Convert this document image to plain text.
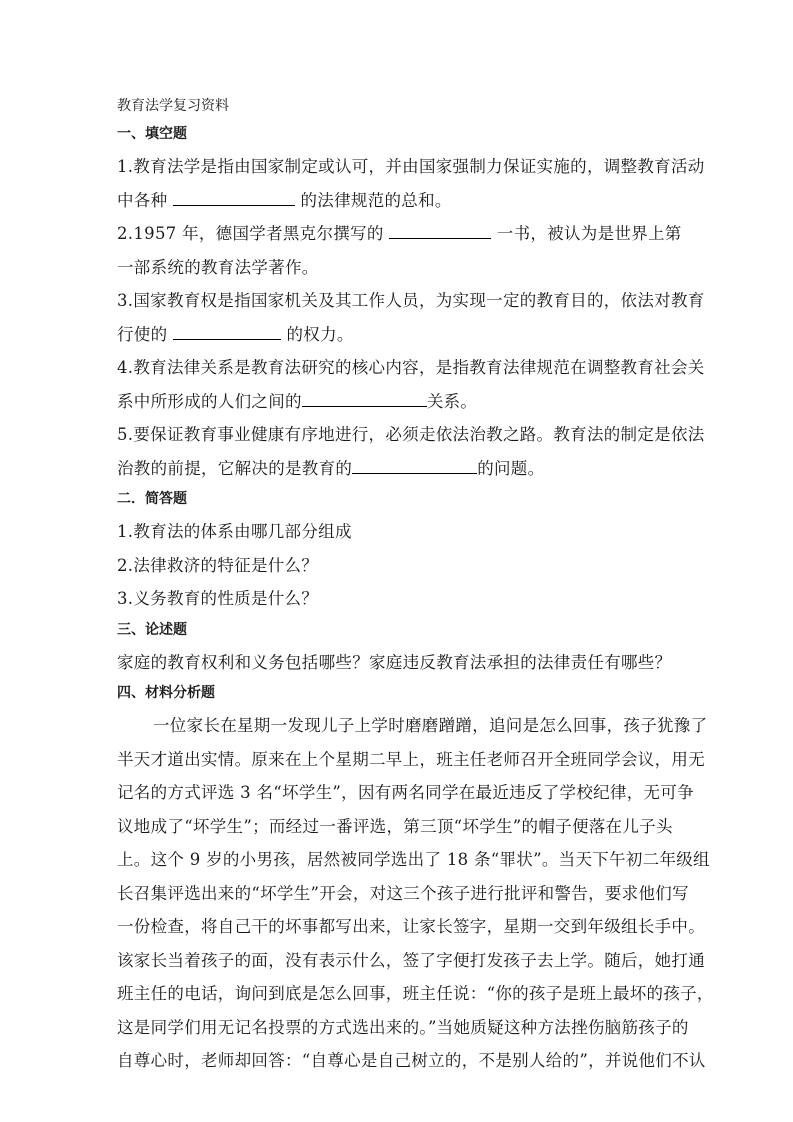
教育法学复习资料
一、填空题
1.教育法学是指由国家制定或认可，并由国家强制力保证实施的，调整教育活动
中各种	的法律规范的总和。
2.1957 年，德国学者黑克尔撰写的	一书，被认为是世界上第
一部系统的教育法学著作。
3.国家教育权是指国家机关及其工作人员，为实现一定的教育目的，依法对教育
行使的	的权力。
4.教育法律关系是教育法研究的核心内容，是指教育法律规范在调整教育社会关
系中所形成的人们之间的	关系。
5.要保证教育事业健康有序地进行，必须走依法治教之路。教育法的制定是依法
治教的前提，它解决的是教育的	的问题。
二．简答题
1.教育法的体系由哪几部分组成
2.法律救济的特征是什么？
3.义务教育的性质是什么？
三、论述题
家庭的教育权利和义务包括哪些？家庭违反教育法承担的法律责任有哪些？
四、材料分析题
一位家长在星期一发现儿子上学时磨磨蹭蹭，追问是怎么回事，孩子犹豫了
半天才道出实情。原来在上个星期二早上，班主任老师召开全班同学会议，用无
记名的方式评选 3 名“坏学生”，因有两名同学在最近违反了学校纪律，无可争
议地成了“坏学生”；而经过一番评选，第三顶“坏学生”的帽子便落在儿子头
上。这个 9 岁的小男孩，居然被同学选出了 18 条“罪状”。当天下午初二年级组
长召集评选出来的“坏学生”开会，对这三个孩子进行批评和警告，要求他们写
一份检查，将自己干的坏事都写出来，让家长签字，星期一交到年级组长手中。
该家长当着孩子的面，没有表示什么，签了字便打发孩子去上学。随后，她打通
班主任的电话，询问到底是怎么回事，班主任说：“你的孩子是班上最坏的孩子，
这是同学们用无记名投票的方式选出来的。”当她质疑这种方法挫伤脑筋孩子的
自尊心时，老师却回答：“自尊心是自己树立的，不是别人给的”，并说他们不认
